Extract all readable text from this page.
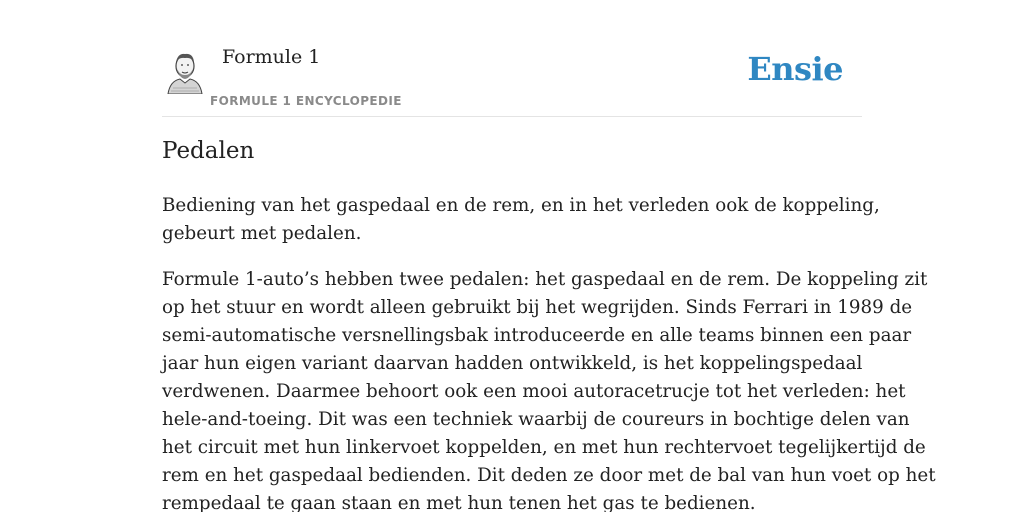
Formule 1
FORMULE 1 ENCYCLOPEDIE
Ensie
Pedalen

Bediening van het gaspedaal en de rem, en in het verleden ook de koppeling,
gebeurt met pedalen.

Formule 1-auto’s hebben twee pedalen: het gaspedaal en de rem. De koppeling zit
op het stuur en wordt alleen gebruikt bij het wegrijden. Sinds Ferrari in 1989 de
semi-automatische versnellingsbak introduceerde en alle teams binnen een paar
jaar hun eigen variant daarvan hadden ontwikkeld, is het koppelingspedaal
verdwenen. Daarmee behoort ook een mooi autoracetrucje tot het verleden: het
hele-and-toeing. Dit was een techniek waarbij de coureurs in bochtige delen van
het circuit met hun linkervoet koppelden, en met hun rechtervoet tegelijkertijd de
rem en het gaspedaal bedienden. Dit deden ze door met de bal van hun voet op het
rempedaal te gaan staan en met hun tenen het gas te bedienen.
